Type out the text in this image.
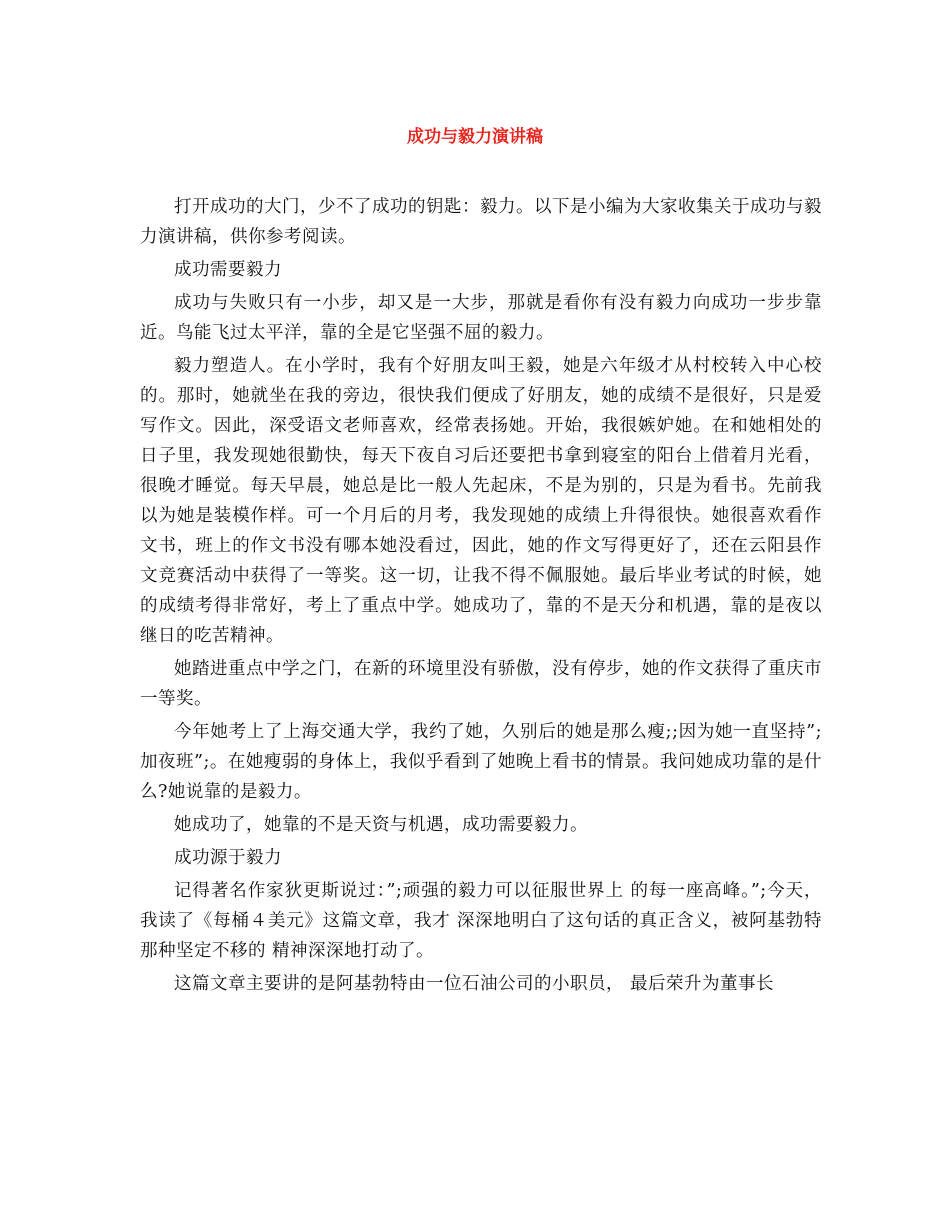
成功与毅力演讲稿

打开成功的大门，少不了成功的钥匙：毅力。以下是小编为大家收集关于成功与毅力演讲稿，供你参考阅读。

成功需要毅力

成功与失败只有一小步，却又是一大步，那就是看你有没有毅力向成功一步步靠近。鸟能飞过太平洋，靠的全是它坚强不屈的毅力。

毅力塑造人。在小学时，我有个好朋友叫王毅，她是六年级才从村校转入中心校的。那时，她就坐在我的旁边，很快我们便成了好朋友，她的成绩不是很好，只是爱写作文。因此，深受语文老师喜欢，经常表扬她。开始，我很嫉妒她。在和她相处的日子里，我发现她很勤快，每天下夜自习后还要把书拿到寝室的阳台上借着月光看，很晚才睡觉。每天早晨，她总是比一般人先起床，不是为别的，只是为看书。先前我以为她是装模作样。可一个月后的月考，我发现她的成绩上升得很快。她很喜欢看作文书，班上的作文书没有哪本她没看过，因此，她的作文写得更好了，还在云阳县作文竞赛活动中获得了一等奖。这一切，让我不得不佩服她。最后毕业考试的时候，她的成绩考得非常好，考上了重点中学。她成功了，靠的不是天分和机遇，靠的是夜以继日的吃苦精神。

她踏进重点中学之门，在新的环境里没有骄傲，没有停步，她的作文获得了重庆市一等奖。

今年她考上了上海交通大学，我约了她，久别后的她是那么瘦;;因为她一直坚持”;加夜班”;。在她瘦弱的身体上，我似乎看到了她晚上看书的情景。我问她成功靠的是什么?她说靠的是毅力。

她成功了，她靠的不是天资与机遇，成功需要毅力。

成功源于毅力

记得著名作家狄更斯说过：”;顽强的毅力可以征服世界上 的每一座高峰。”;今天，我读了《每桶４美元》这篇文章，我才 深深地明白了这句话的真正含义，被阿基勃特那种坚定不移的 精神深深地打动了。

这篇文章主要讲的是阿基勃特由一位石油公司的小职员， 最后荣升为董事长
